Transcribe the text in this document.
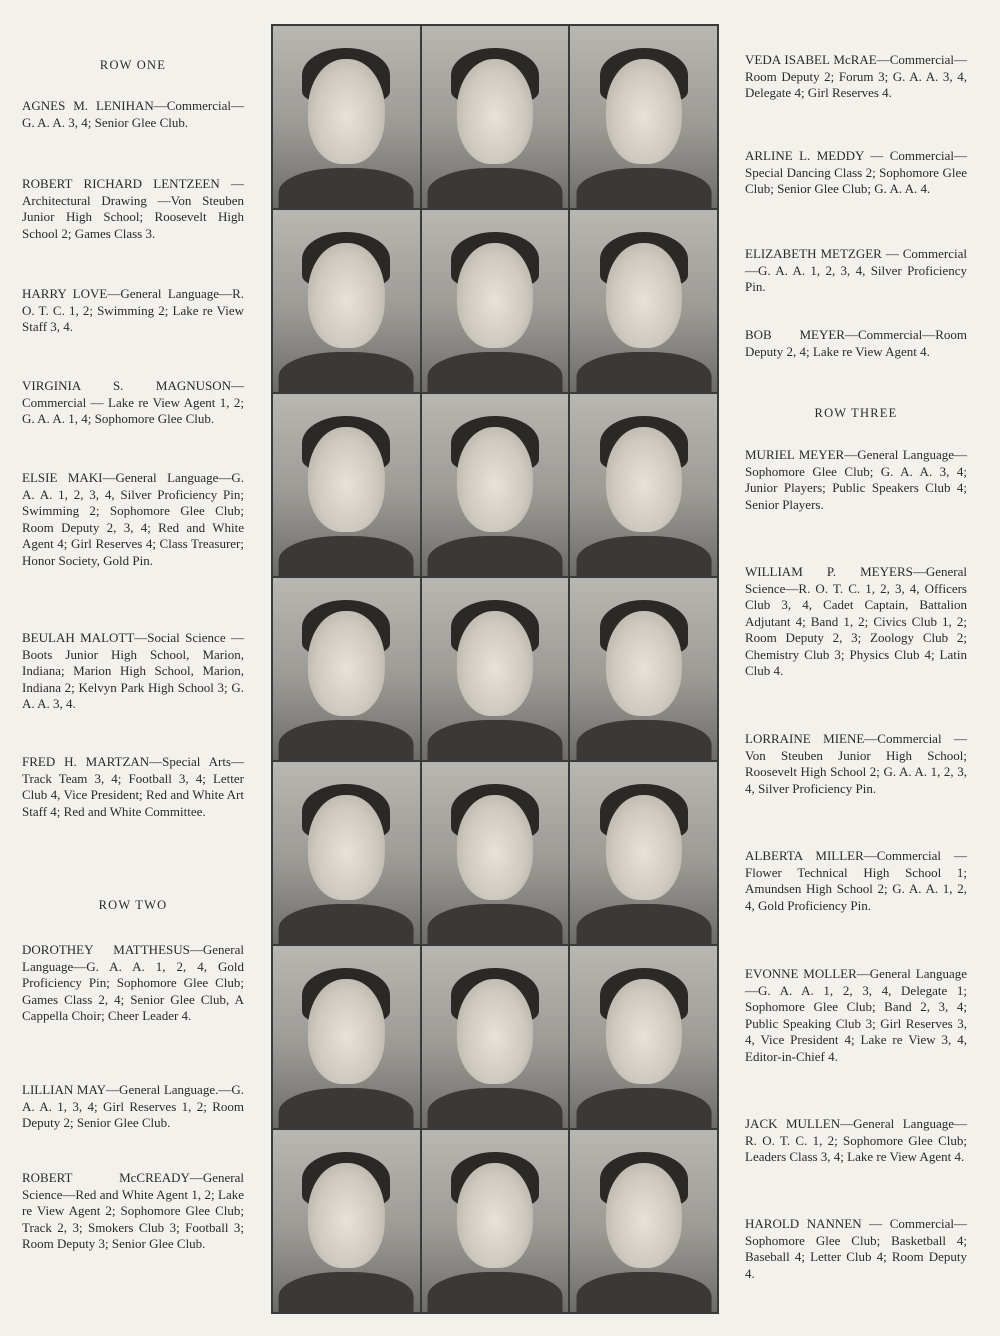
ROW ONE
AGNES M. LENIHAN—Commercial—G. A. A. 3, 4; Senior Glee Club.
ROBERT RICHARD LENTZEEN — Architectural Drawing —Von Steuben Junior High School; Roosevelt High School 2; Games Class 3.
HARRY LOVE—General Language—R. O. T. C. 1, 2; Swimming 2; Lake re View Staff 3, 4.
VIRGINIA S. MAGNUSON—Commercial — Lake re View Agent 1, 2; G. A. A. 1, 4; Sophomore Glee Club.
ELSIE MAKI—General Language—G. A. A. 1, 2, 3, 4, Silver Proficiency Pin; Swimming 2; Sophomore Glee Club; Room Deputy 2, 3, 4; Red and White Agent 4; Girl Reserves 4; Class Treasurer; Honor Society, Gold Pin.
BEULAH MALOTT—Social Science — Boots Junior High School, Marion, Indiana; Marion High School, Marion, Indiana 2; Kelvyn Park High School 3; G. A. A. 3, 4.
FRED H. MARTZAN—Special Arts—Track Team 3, 4; Football 3, 4; Letter Club 4, Vice President; Red and White Art Staff 4; Red and White Committee.
ROW TWO
DOROTHEY MATTHESUS—General Language—G. A. A. 1, 2, 4, Gold Proficiency Pin; Sophomore Glee Club; Games Class 2, 4; Senior Glee Club, A Cappella Choir; Cheer Leader 4.
LILLIAN MAY—General Language.—G. A. A. 1, 3, 4; Girl Reserves 1, 2; Room Deputy 2; Senior Glee Club.
ROBERT McCREADY—General Science—Red and White Agent 1, 2; Lake re View Agent 2; Sophomore Glee Club; Track 2, 3; Smokers Club 3; Football 3; Room Deputy 3; Senior Glee Club.
VEDA ISABEL McRAE—Commercial—Room Deputy 2; Forum 3; G. A. A. 3, 4, Delegate 4; Girl Reserves 4.
ARLINE L. MEDDY — Commercial—Special Dancing Class 2; Sophomore Glee Club; Senior Glee Club; G. A. A. 4.
ELIZABETH METZGER — Commercial—G. A. A. 1, 2, 3, 4, Silver Proficiency Pin.
BOB MEYER—Commercial—Room Deputy 2, 4; Lake re View Agent 4.
ROW THREE
MURIEL MEYER—General Language—Sophomore Glee Club; G. A. A. 3, 4; Junior Players; Public Speakers Club 4; Senior Players.
WILLIAM P. MEYERS—General Science—R. O. T. C. 1, 2, 3, 4, Officers Club 3, 4, Cadet Captain, Battalion Adjutant 4; Band 1, 2; Civics Club 1, 2; Room Deputy 2, 3; Zoology Club 2; Chemistry Club 3; Physics Club 4; Latin Club 4.
LORRAINE MIENE—Commercial — Von Steuben Junior High School; Roosevelt High School 2; G. A. A. 1, 2, 3, 4, Silver Proficiency Pin.
ALBERTA MILLER—Commercial — Flower Technical High School 1; Amundsen High School 2; G. A. A. 1, 2, 4, Gold Proficiency Pin.
EVONNE MOLLER—General Language—G. A. A. 1, 2, 3, 4, Delegate 1; Sophomore Glee Club; Band 2, 3, 4; Public Speaking Club 3; Girl Reserves 3, 4, Vice President 4; Lake re View 3, 4, Editor-in-Chief 4.
JACK MULLEN—General Language—R. O. T. C. 1, 2; Sophomore Glee Club; Leaders Class 3, 4; Lake re View Agent 4.
HAROLD NANNEN — Commercial—Sophomore Glee Club; Basketball 4; Baseball 4; Letter Club 4; Room Deputy 4.
